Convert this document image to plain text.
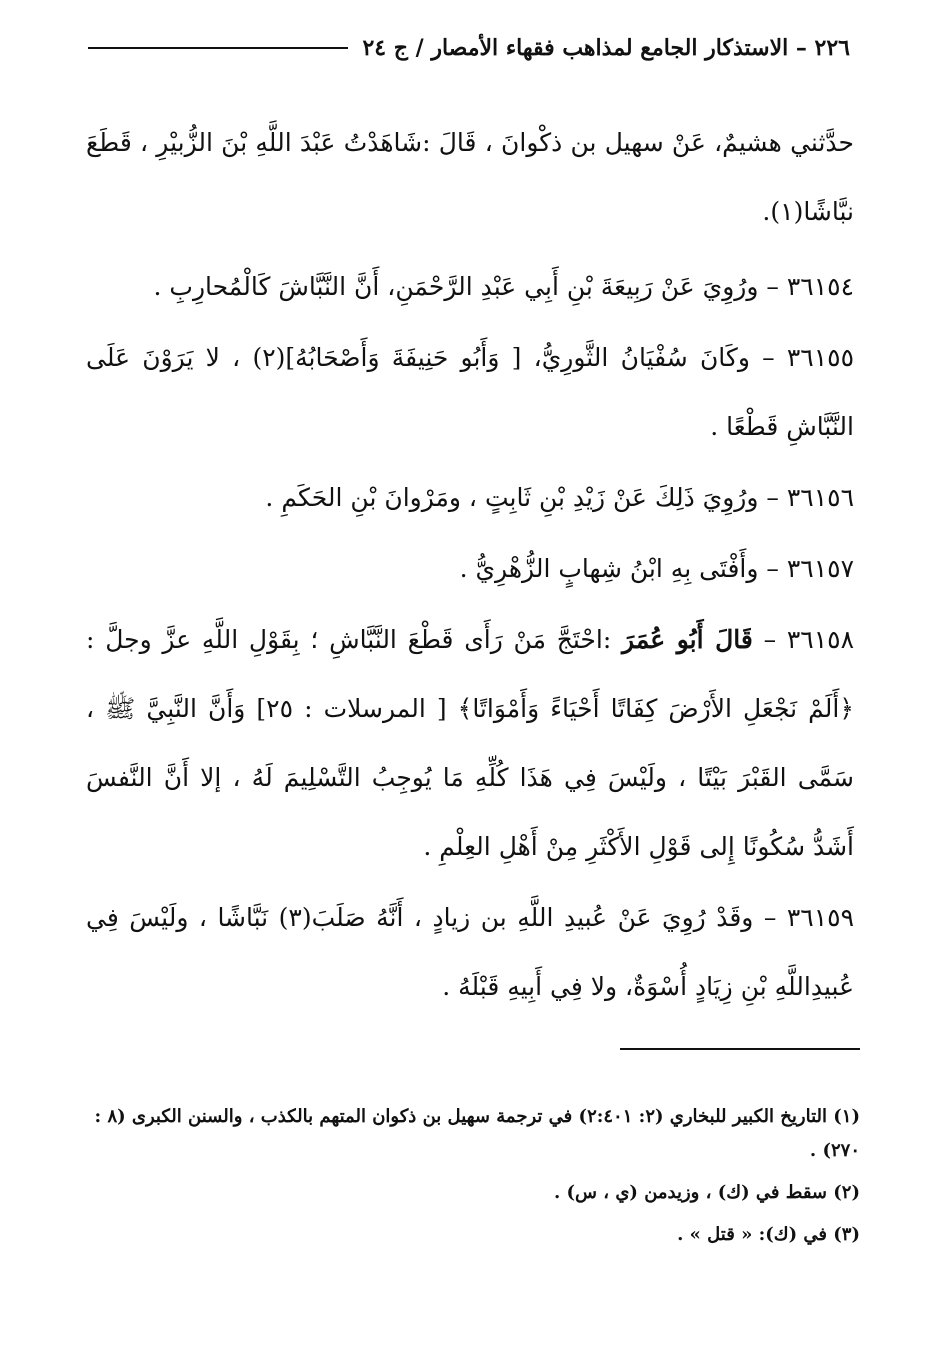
٢٢٦ – الاستذكار الجامع لمذاهب فقهاء الأمصار / ج ٢٤

حدَّثني هشيمٌ، عَنْ سهيل بن ذكْوانَ ، قَالَ :شَاهَدْتُ عَبْدَ اللَّهِ بْنَ الزُّبيْرِ ، قَطَعَ نبَّاشًا(١).

٣٦١٥٤ – ورُوِيَ عَنْ رَبِيعَةَ بْنِ أَبِي عَبْدِ الرَّحْمَنِ، أَنَّ النَّبَّاشَ كَالْمُحارِبِ .

٣٦١٥٥ – وكَانَ سُفْيَانُ الثَّورِيُّ، [ وَأَبُو حَنِيفَةَ وَأَصْحَابُهُ](٢) ، لا يَرَوْنَ عَلَى النَّبَّاشِ قَطْعًا .

٣٦١٥٦ – ورُوِيَ ذَلِكَ عَنْ زَيْدِ بْنِ ثَابِتٍ ، ومَرْوانَ بْنِ الحَكَمِ .

٣٦١٥٧ – وأَفْتَى بِهِ ابْنُ شِهابٍ الزُّهْرِيُّ .

٣٦١٥٨ – قَالَ أَبُو عُمَرَ :احْتَجَّ مَنْ رَأَى قَطْعَ النَّبَّاشِ ؛ بِقَوْلِ اللَّهِ عزَّ وجلَّ : ﴿أَلَمْ نَجْعَلِ الأَرْضَ كِفَاتًا أَحْيَاءً وَأَمْوَاتًا﴾ [ المرسلات : ٢٥] وَأَنَّ النَّبِيَّ ﷺ ، سَمَّى القَبْرَ بَيْتًا ، ولَيْسَ فِي هَذَا كُلِّهِ مَا يُوجِبُ التَّسْلِيمَ لَهُ ، إلا أَنَّ النَّفسَ أَشَدُّ سُكُونًا إِلى قَوْلِ الأَكْثَرِ مِنْ أَهْلِ العِلْمِ .

٣٦١٥٩ – وقَدْ رُوِيَ عَنْ عُبيدِ اللَّهِ بن زيادٍ ، أَنَّهُ صَلَبَ(٣) نَبَّاشًا ، ولَيْسَ فِي عُبيدِاللَّهِ بْنِ زِيَادٍ أُسْوَةٌ، ولا فِي أَبِيهِ قَبْلَهُ .

(١) التاريخ الكبير للبخاري (٢: ٢:٤٠١) في ترجمة سهيل بن ذكوان المتهم بالكذب ، والسنن الكبرى (٨ : ٢٧٠) .

(٢) سقط في (ك) ، وزيدمن (ي ، س) .

(٣) في (ك): « قتل » .
